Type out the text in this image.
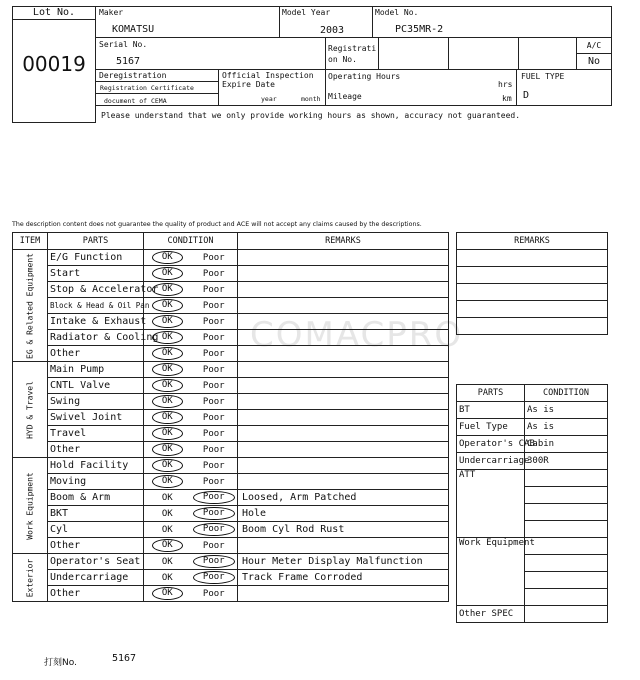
COMACPRO
Lot No.
00019
Maker
KOMATSU
Model Year
2003
Model No.
PC35MR-2
Serial No.
5167
Registrati on No.
A/C
No
Deregistration
Registration Certificate
document of CEMA
Official Inspection Expire Date
year	month
Operating Hours
hrs
Mileage	km
FUEL TYPE
D
Please understand that we only provide working hours as shown, accuracy not guaranteed.
The description content does not guarantee the quality of product and ACE will not accept any claims caused by the descriptions.
ITEM	PARTS	CONDITION	REMARKS

EG & Related Equipment	E/G Function	OK Poor	

	Start	OK Poor	

	Stop & Accelerator	OK Poor	

	Block & Head & Oil Pan	OK Poor	

	Intake & Exhaust	OK Poor	

	Radiator & Cooling	OK Poor	

	Other	OK Poor	

HYD & Travel	Main Pump	OK Poor	

	CNTL Valve	OK Poor	

	Swing	OK Poor	

	Swivel Joint	OK Poor	

	Travel	OK Poor	

	Other	OK Poor	

Work Equipment	Hold Facility	OK Poor	

	Moving	OK Poor	

	Boom & Arm	OK Poor	Loosed, Arm Patched
	BKT	OK Poor	Hole
	Cyl	OK Poor	Boom Cyl Rod Rust
	Other	OK Poor	

Exterior	Operator's Seat	OK Poor	Hour Meter Display Malfunction
	Undercarriage	OK Poor	Track Frame Corroded
	Other	OK Poor	

REMARKS

PARTS	CONDITION
BT	As is
Fuel Type	As is
Operator's CAB	Cabin
Undercarriage	300R
ATT	

Work Equipment	

Other SPEC	
打刻No.	5167
